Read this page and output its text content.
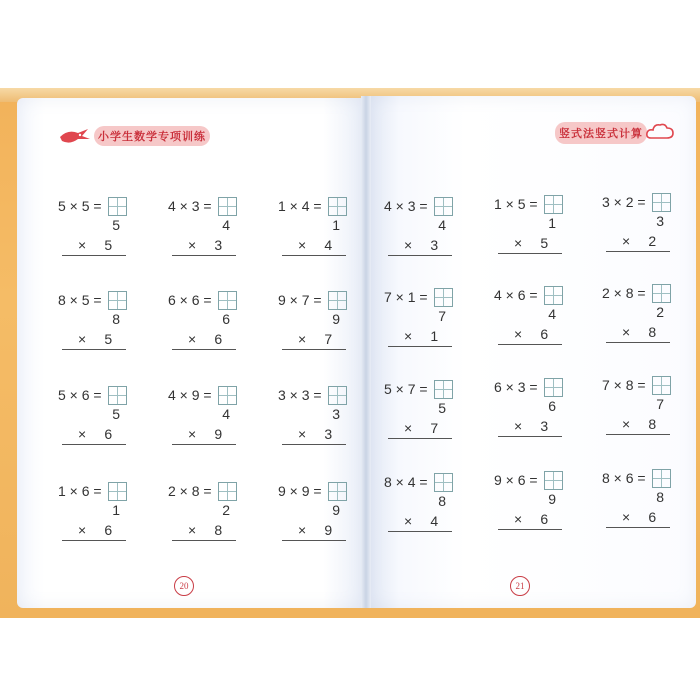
小学生数学专项训练	竖式法竖式计算
5 × 5 =
5
×	5
8 × 5 =
8
×	5
5 × 6 =
5
×	6
1 × 6 =
1
×	6
4 × 3 =
4
×	3
6 × 6 =
6
×	6
4 × 9 =
4
×	9
2 × 8 =
2
×	8
1 × 4 =
1
×	4
9 × 7 =
9
×	7
3 × 3 =
3
×	3
9 × 9 =
9
×	9
4 × 3 =
4
×	3
7 × 1 =
7
×	1
5 × 7 =
5
×	7
8 × 4 =
8
×	4
1 × 5 =
1
×	5
4 × 6 =
4
×	6
6 × 3 =
6
×	3
9 × 6 =
9
×	6
3 × 2 =
3
×	2
2 × 8 =
2
×	8
7 × 8 =
7
×	8
8 × 6 =
8
×	6
20	21
